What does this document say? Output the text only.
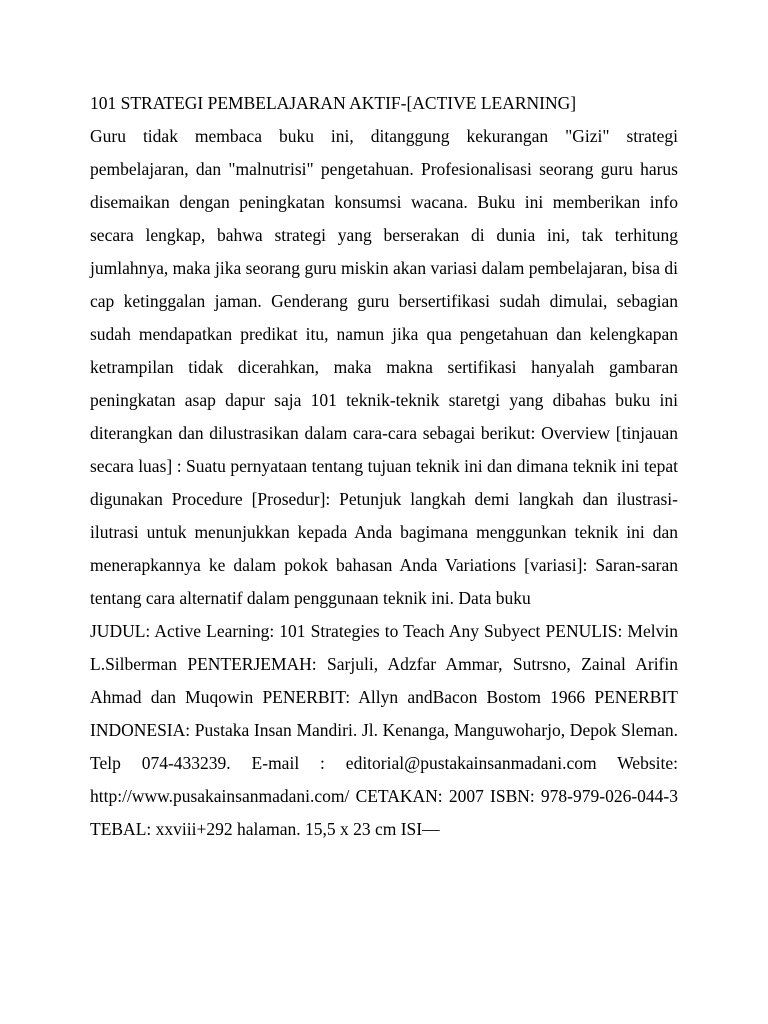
101 STRATEGI PEMBELAJARAN AKTIF-[ACTIVE LEARNING]

Guru tidak membaca buku ini, ditanggung kekurangan "Gizi" strategi pembelajaran, dan "malnutrisi" pengetahuan. Profesionalisasi seorang guru harus disemaikan dengan peningkatan konsumsi wacana. Buku ini memberikan info secara lengkap, bahwa strategi yang berserakan di dunia ini, tak terhitung jumlahnya, maka jika seorang guru miskin akan variasi dalam pembelajaran, bisa di cap ketinggalan jaman. Genderang guru bersertifikasi sudah dimulai, sebagian sudah mendapatkan predikat itu, namun jika qua pengetahuan dan kelengkapan ketrampilan tidak dicerahkan, maka makna sertifikasi hanyalah gambaran peningkatan asap dapur saja 101 teknik-teknik staretgi yang dibahas buku ini diterangkan dan dilustrasikan dalam cara-cara sebagai berikut: Overview [tinjauan secara luas] : Suatu pernyataan tentang tujuan teknik ini dan dimana teknik ini tepat digunakan Procedure [Prosedur]: Petunjuk langkah demi langkah dan ilustrasi-ilutrasi untuk menunjukkan kepada Anda bagimana menggunkan teknik ini dan menerapkannya ke dalam pokok bahasan Anda Variations [variasi]: Saran-saran tentang cara alternatif dalam penggunaan teknik ini. Data buku

JUDUL: Active Learning: 101 Strategies to Teach Any Subyect PENULIS: Melvin L.Silberman PENTERJEMAH: Sarjuli, Adzfar Ammar, Sutrsno, Zainal Arifin Ahmad dan Muqowin PENERBIT: Allyn andBacon Bostom 1966 PENERBIT INDONESIA: Pustaka Insan Mandiri. Jl. Kenanga, Manguwoharjo, Depok Sleman. Telp 074-433239. E-mail : editorial@pustakainsanmadani.com Website: http://www.pusakainsanmadani.com/ CETAKAN: 2007 ISBN: 978-979-026-044-3 TEBAL: xxviii+292 halaman. 15,5 x 23 cm ISI—
